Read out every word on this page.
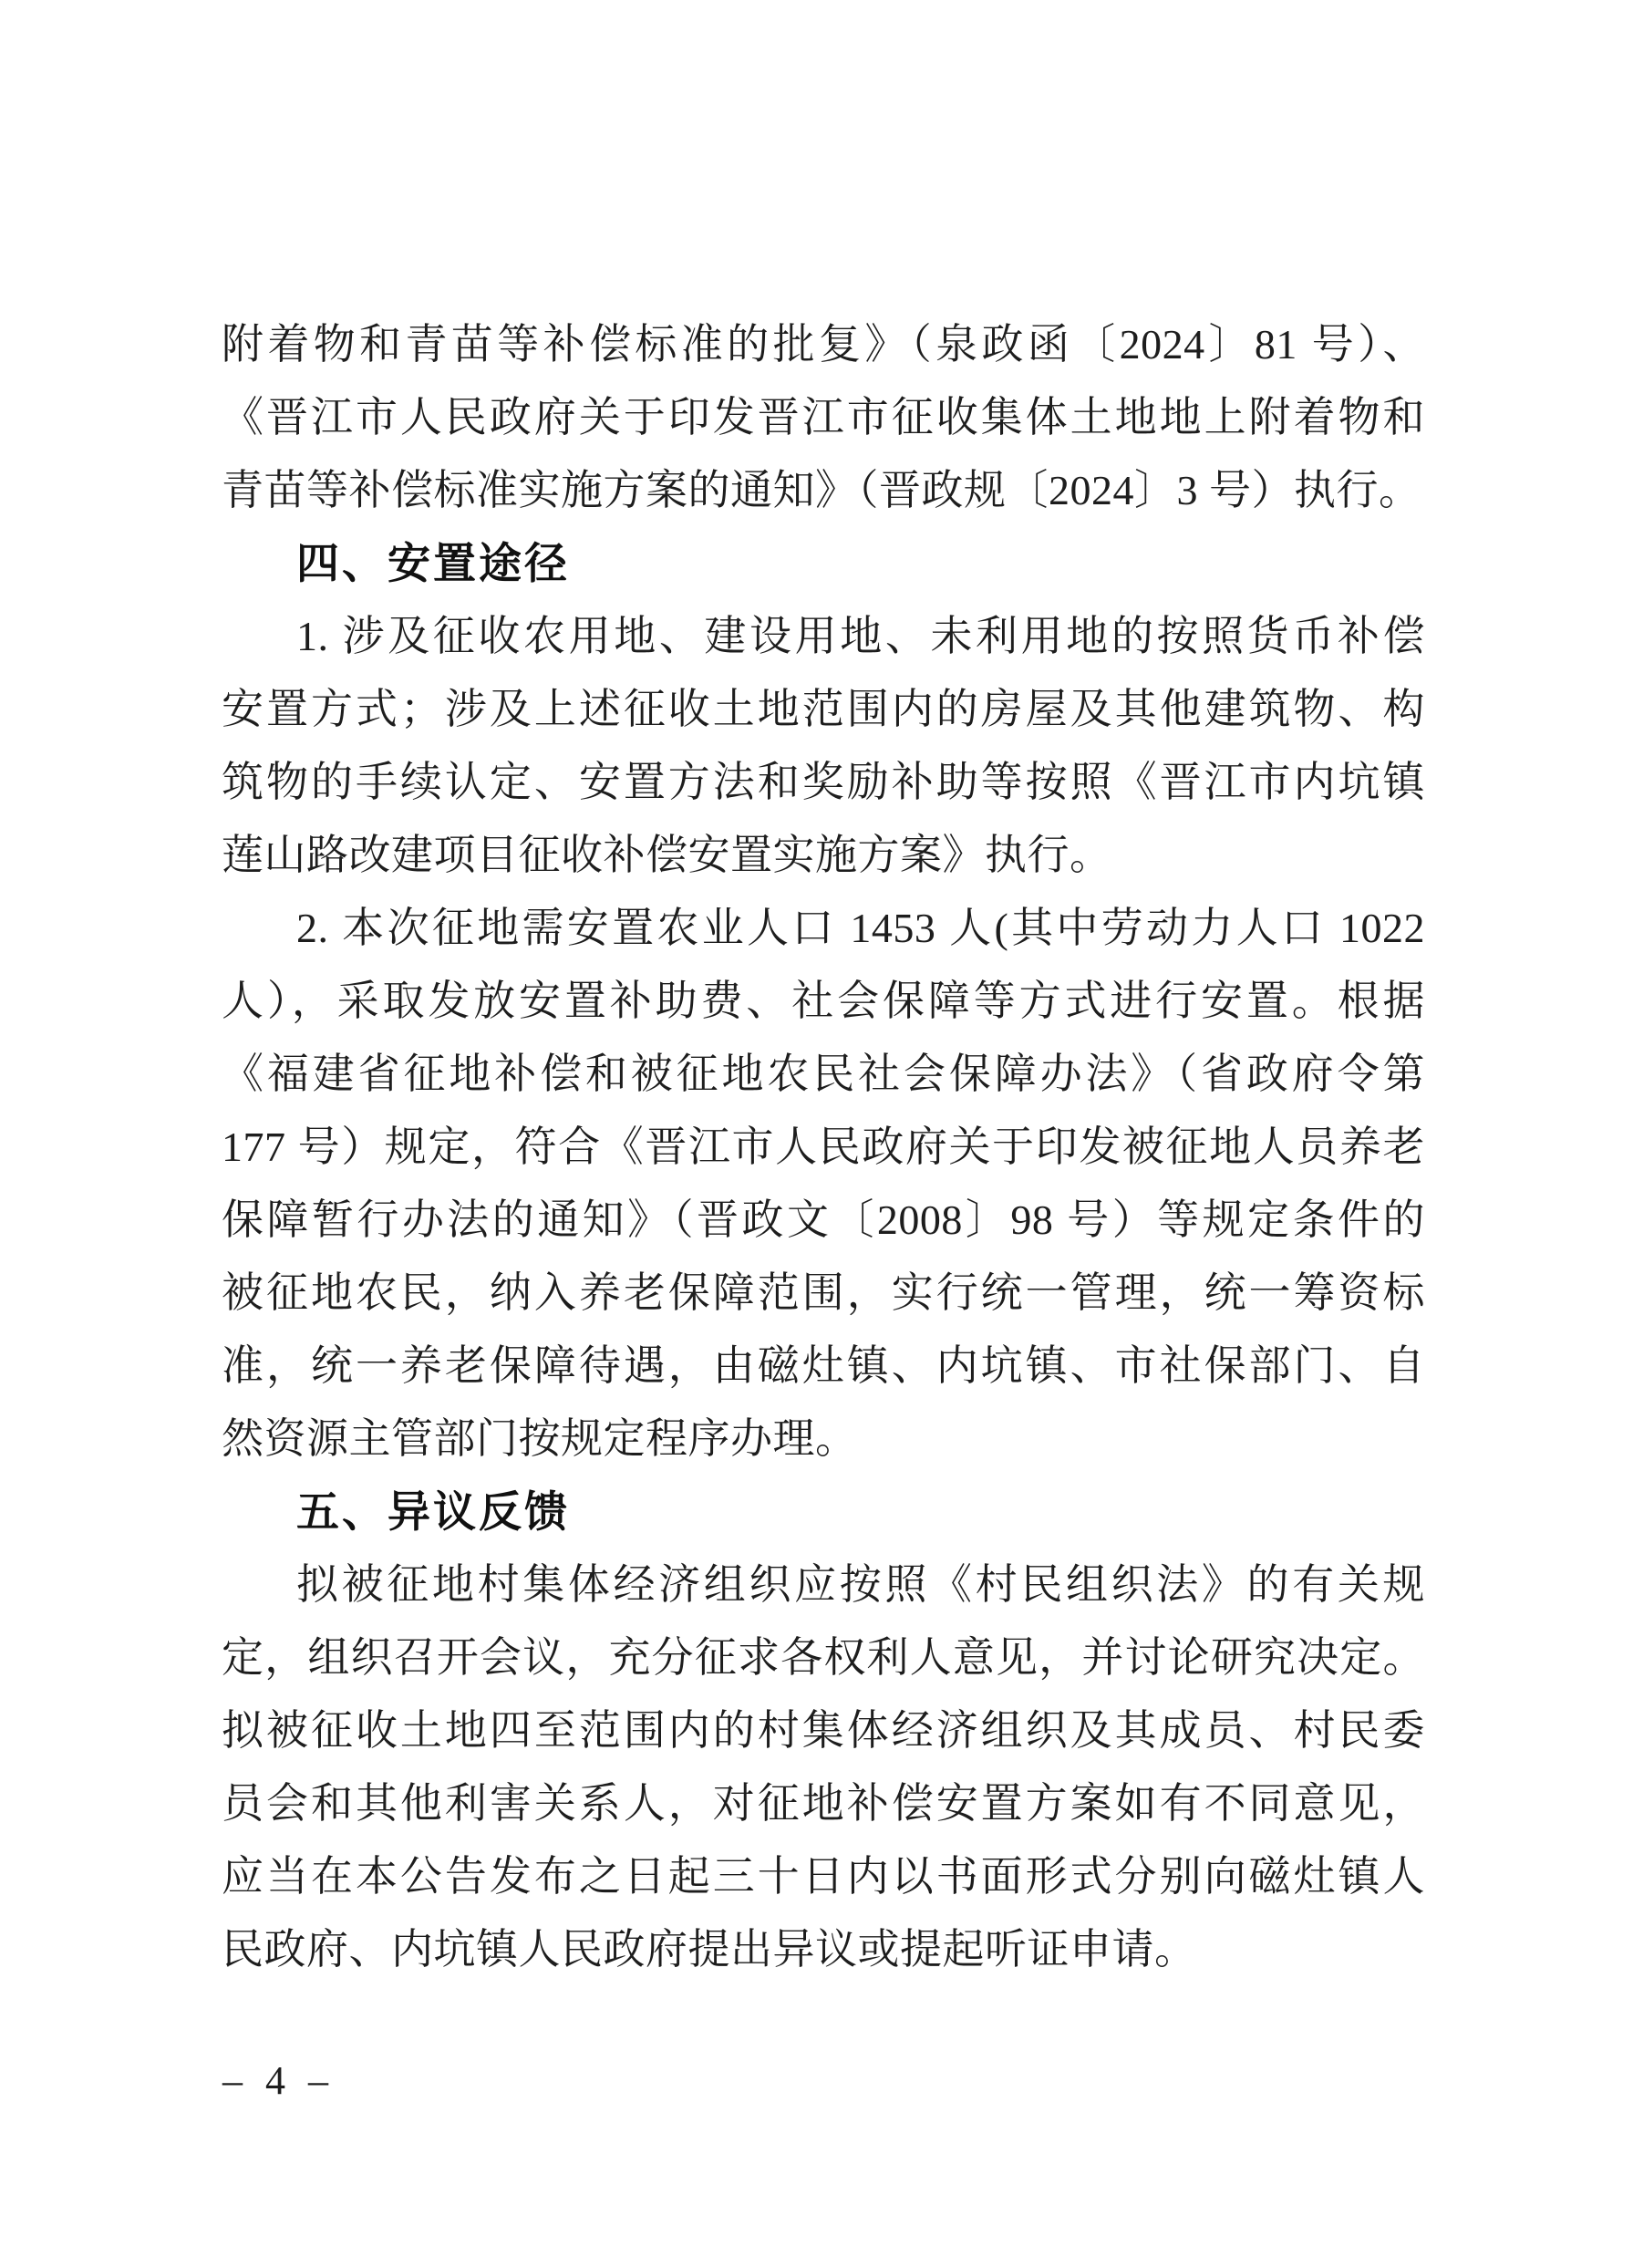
附着物和青苗等补偿标准的批复》（泉政函〔2024〕81 号）、
《晋江市人民政府关于印发晋江市征收集体土地地上附着物和
青苗等补偿标准实施方案的通知》（晋政规〔2024〕3 号）执行。
四、安置途径
1. 涉及征收农用地、建设用地、未利用地的按照货币补偿
安置方式；涉及上述征收土地范围内的房屋及其他建筑物、构
筑物的手续认定、安置方法和奖励补助等按照《晋江市内坑镇
莲山路改建项目征收补偿安置实施方案》执行。
2. 本次征地需安置农业人口 1453 人(其中劳动力人口 1022
人），采取发放安置补助费、社会保障等方式进行安置。根据
《福建省征地补偿和被征地农民社会保障办法》（省政府令第
177 号）规定，符合《晋江市人民政府关于印发被征地人员养老
保障暂行办法的通知》（晋政文〔2008〕98 号）等规定条件的
被征地农民，纳入养老保障范围，实行统一管理，统一筹资标
准，统一养老保障待遇，由磁灶镇、内坑镇、市社保部门、自
然资源主管部门按规定程序办理。
五、异议反馈
拟被征地村集体经济组织应按照《村民组织法》的有关规
定，组织召开会议，充分征求各权利人意见，并讨论研究决定。
拟被征收土地四至范围内的村集体经济组织及其成员、村民委
员会和其他利害关系人，对征地补偿安置方案如有不同意见，
应当在本公告发布之日起三十日内以书面形式分别向磁灶镇人
民政府、内坑镇人民政府提出异议或提起听证申请。
– 4 –
